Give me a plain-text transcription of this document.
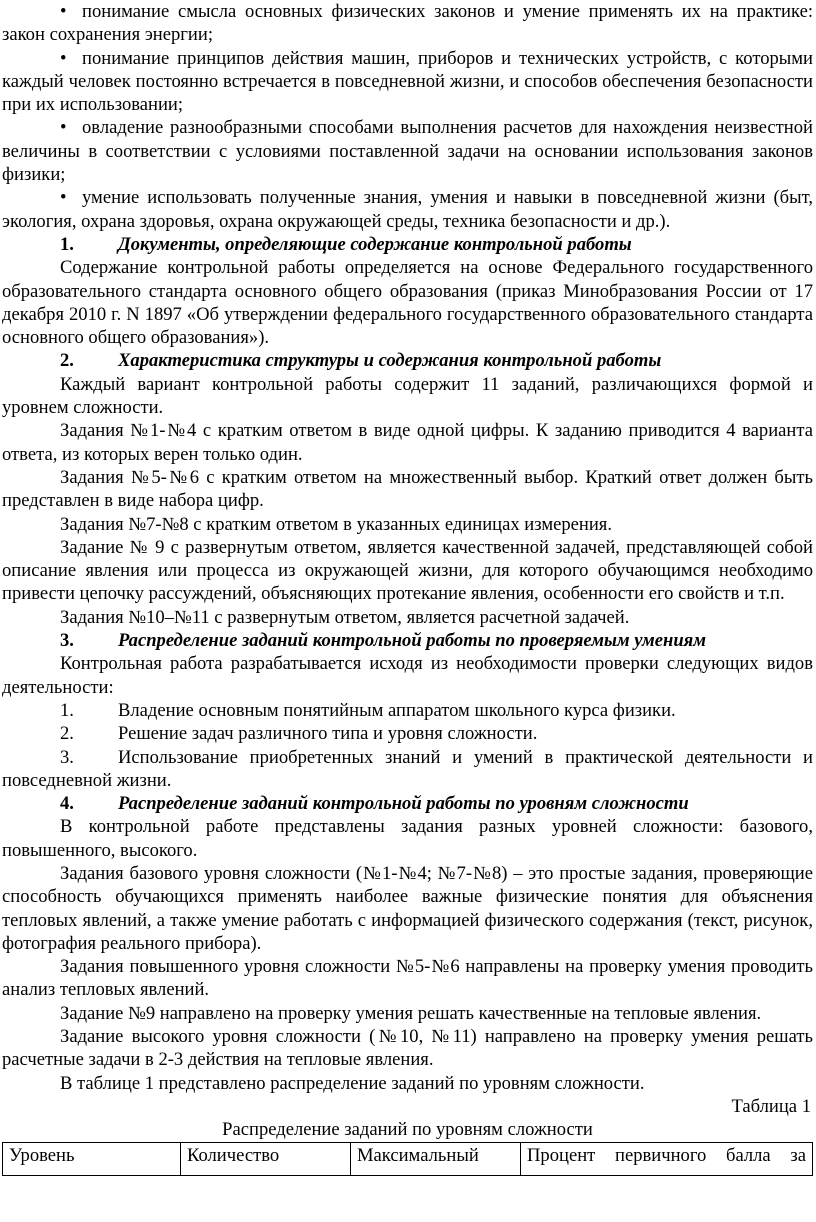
• понимание смысла основных физических законов и умение применять их на практике: закон сохранения энергии;

• понимание принципов действия машин, приборов и технических устройств, с которыми каждый человек постоянно встречается в повседневной жизни, и способов обеспечения безопасности при их использовании;

• овладение разнообразными способами выполнения расчетов для нахождения неизвестной величины в соответствии с условиями поставленной задачи на основании использования законов физики;

• умение использовать полученные знания, умения и навыки в повседневной жизни (быт, экология, охрана здоровья, охрана окружающей среды, техника безопасности и др.).

1. Документы, определяющие содержание контрольной работы

Содержание контрольной работы определяется на основе Федерального государственного образовательного стандарта основного общего образования (приказ Минобразования России от 17 декабря 2010 г. N 1897 «Об утверждении федерального государственного образовательного стандарта основного общего образования»).

2. Характеристика структуры и содержания контрольной работы

Каждый вариант контрольной работы содержит 11 заданий, различающихся формой и уровнем сложности.

Задания №1-№4 с кратким ответом в виде одной цифры. К заданию приводится 4 варианта ответа, из которых верен только один.

Задания №5-№6 с кратким ответом на множественный выбор. Краткий ответ должен быть представлен в виде набора цифр.

Задания №7-№8 с кратким ответом в указанных единицах измерения.

Задание № 9 с развернутым ответом, является качественной задачей, представляющей собой описание явления или процесса из окружающей жизни, для которого обучающимся необходимо привести цепочку рассуждений, объясняющих протекание явления, особенности его свойств и т.п.

Задания №10–№11 с развернутым ответом, является расчетной задачей.

3. Распределение заданий контрольной работы по проверяемым умениям

Контрольная работа разрабатывается исходя из необходимости проверки следующих видов деятельности:

1. Владение основным понятийным аппаратом школьного курса физики.

2. Решение задач различного типа и уровня сложности.

3. Использование приобретенных знаний и умений в практической деятельности и повседневной жизни.

4. Распределение заданий контрольной работы по уровням сложности

В контрольной работе представлены задания разных уровней сложности: базового, повышенного, высокого.

Задания базового уровня сложности (№1-№4; №7-№8) – это простые задания, проверяющие способность обучающихся применять наиболее важные физические понятия для объяснения тепловых явлений, а также умение работать с информацией физического содержания (текст, рисунок, фотография реального прибора).

Задания повышенного уровня сложности №5-№6 направлены на проверку умения проводить анализ тепловых явлений.

Задание №9 направлено на проверку умения решать качественные на тепловые явления.

Задание высокого уровня сложности (№10, №11) направлено на проверку умения решать расчетные задачи в 2-3 действия на тепловые явления.

В таблице 1 представлено распределение заданий по уровням сложности.

Таблица 1

Распределение заданий по уровням сложности

Уровень	Количество	Максимальный	Процент первичного балла за
